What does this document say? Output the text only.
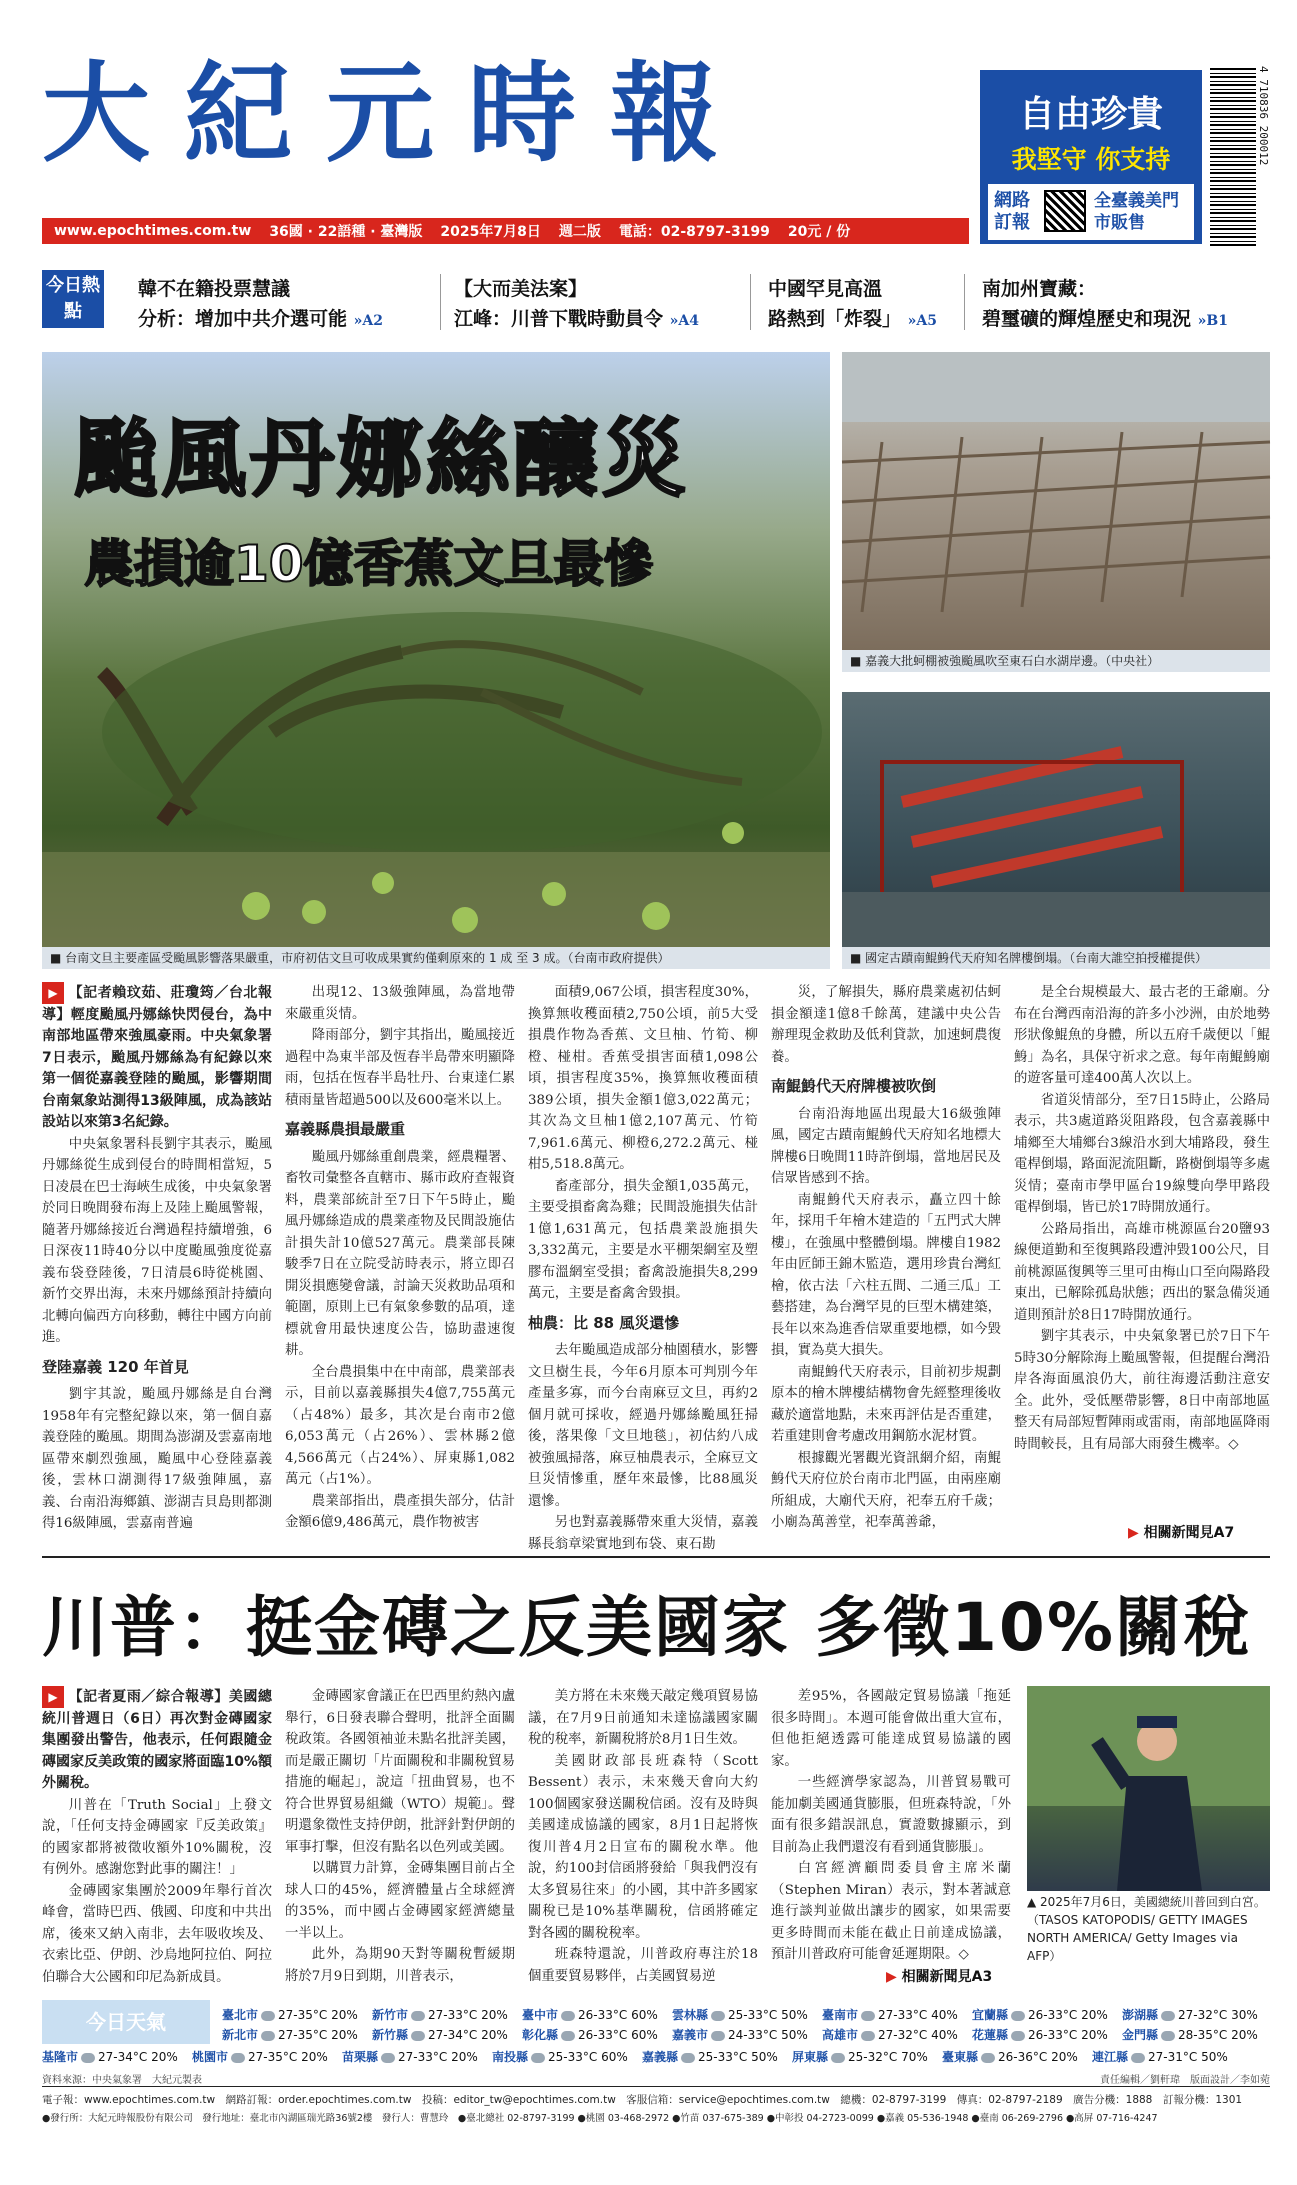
大紀元時報
www.epochtimes.com.tw 36國 · 22語種 · 臺灣版 2025年7月8日 週二版 電話：02-8797-3199 20元 / 份
自由珍貴
我堅守 你支持
網路訂報
全臺義美門市販售
4 710836 200012
今日熱點
韓不在籍投票慧議
分析：增加中共介選可能 »A2
【大而美法案】
江峰：川普下戰時動員令 »A4
中國罕見高溫
路熱到「炸裂」 »A5
南加州寶藏：
碧璽礦的輝煌歷史和現況 »B1
颱風丹娜絲釀災
農損逾10億香蕉文旦最慘
■ 台南文旦主要產區受颱風影響落果嚴重，市府初估文旦可收成果實約僅剩原來的 1 成 至 3 成。（台南市政府提供）
■ 嘉義大批蚵棚被強颱風吹至東石白水湖岸邊。（中央社）
■ 國定古蹟南鯤鯓代天府知名牌樓倒塌。（台南大誰空拍授權提供）

▶ 【記者賴玟茹、莊瓊筠／台北報導】輕度颱風丹娜絲快閃侵台，為中南部地區帶來強風豪雨。中央氣象署7日表示，颱風丹娜絲為有紀錄以來第一個從嘉義登陸的颱風，影響期間台南氣象站測得13級陣風，成為該站設站以來第3名紀錄。

中央氣象署科長劉宇其表示，颱風丹娜絲從生成到侵台的時間相當短，5日凌晨在巴士海峽生成後，中央氣象署於同日晚間發布海上及陸上颱風警報，隨著丹娜絲接近台灣過程持續增強，6日深夜11時40分以中度颱風強度從嘉義布袋登陸後，7日清晨6時從桃園、新竹交界出海，未來丹娜絲預計持續向北轉向偏西方向移動，轉往中國方向前進。

登陸嘉義 120 年首見

劉宇其說，颱風丹娜絲是自台灣1958年有完整紀錄以來，第一個自嘉義登陸的颱風。期間為澎湖及雲嘉南地區帶來劇烈強風，颱風中心登陸嘉義後，雲林口湖測得17級強陣風，嘉義、台南沿海鄉鎮、澎湖吉貝島則都測得16級陣風，雲嘉南普遍

出現12、13級強陣風，為當地帶來嚴重災情。

降雨部分，劉宇其指出，颱風接近過程中為東半部及恆春半島帶來明顯降雨，包括在恆春半島牡丹、台東達仁累積雨量皆超過500以及600毫米以上。

嘉義縣農損最嚴重

颱風丹娜絲重創農業，經農糧署、畜牧司彙整各直轄市、縣市政府查報資料，農業部統計至7日下午5時止，颱風丹娜絲造成的農業產物及民間設施估計損失計10億527萬元。農業部長陳駿季7日在立院受訪時表示，將立即召開災損應變會議，討論天災救助品項和範圍，原則上已有氣象參數的品項，達標就會用最快速度公告，協助盡速復耕。

全台農損集中在中南部，農業部表示，目前以嘉義縣損失4億7,755萬元（占48%）最多，其次是台南市2億6,053萬元（占26%）、雲林縣2億4,566萬元（占24%）、屏東縣1,082萬元（占1%）。

農業部指出，農產損失部分，估計金額6億9,486萬元，農作物被害

面積9,067公頃，損害程度30%，換算無收穫面積2,750公頃，前5大受損農作物為香蕉、文旦柚、竹筍、柳橙、椪柑。香蕉受損害面積1,098公頃，損害程度35%，換算無收穫面積389公頃，損失金額1億3,022萬元；其次為文旦柚1億2,107萬元、竹筍7,961.6萬元、柳橙6,272.2萬元、椪柑5,518.8萬元。

畜產部分，損失金額1,035萬元，主要受損畜禽為雞；民間設施損失估計1億1,631萬元，包括農業設施損失3,332萬元，主要是水平棚架網室及塑膠布溫網室受損；畜禽設施損失8,299萬元，主要是畜禽舍毀損。

柚農：比 88 風災還慘

去年颱風造成部分柚園積水，影響文旦樹生長，今年6月原本可判別今年產量多寡，而今台南麻豆文旦，再約2個月就可採收，經過丹娜絲颱風狂掃後，落果像「文旦地毯」，初估約八成被強風掃落，麻豆柚農表示，全麻豆文旦災情慘重，歷年來最慘，比88風災還慘。

另也對嘉義縣帶來重大災情，嘉義縣長翁章梁實地到布袋、東石勘

災，了解損失，縣府農業處初估蚵損金額達1億8千餘萬，建議中央公告辦理現金救助及低利貸款，加速蚵農復養。

南鯤鯓代天府牌樓被吹倒

台南沿海地區出現最大16級強陣風，國定古蹟南鯤鯓代天府知名地標大牌樓6日晚間11時許倒塌，當地居民及信眾皆感到不捨。

南鯤鯓代天府表示，矗立四十餘年，採用千年檜木建造的「五門式大牌樓」，在強風中整體倒塌。牌樓自1982年由匠師王錦木監造，選用珍貴台灣紅檜，依古法「六柱五間、二通三瓜」工藝搭建，為台灣罕見的巨型木構建築，長年以來為進香信眾重要地標，如今毀損，實為莫大損失。

南鯤鯓代天府表示，目前初步規劃原本的檜木牌樓結構物會先經整理後收藏於適當地點，未來再評估是否重建，若重建則會考慮改用鋼筋水泥材質。

根據觀光署觀光資訊網介紹，南鯤鯓代天府位於台南市北門區，由兩座廟所組成，大廟代天府，祀奉五府千歲；小廟為萬善堂，祀奉萬善爺，

是全台規模最大、最古老的王爺廟。分布在台灣西南沿海的許多小沙洲，由於地勢形狀像鯤魚的身體，所以五府千歲便以「鯤鯓」為名，具保守祈求之意。每年南鯤鯓廟的遊客量可達400萬人次以上。

省道災情部分，至7日15時止，公路局表示，共3處道路災阻路段，包含嘉義縣中埔鄉至大埔鄉台3線沿水到大埔路段，發生電桿倒塌，路面泥流阻斷，路樹倒塌等多處災情；臺南市學甲區台19線雙向學甲路段電桿倒塌，皆已於17時開放通行。

公路局指出，高雄市桃源區台20鹽93線便道勤和至復興路段遭沖毀100公尺，目前桃源區復興等三里可由梅山口至向陽路段東出，已解除孤島狀態；西出的緊急備災通道則預計於8日17時開放通行。

劉宇其表示，中央氣象署已於7日下午5時30分解除海上颱風警報，但提醒台灣沿岸各海面風浪仍大，前往海邊活動注意安全。此外，受低壓帶影響，8日中南部地區整天有局部短暫陣雨或雷雨，南部地區降雨時間較長，且有局部大雨發生機率。◇

▶ 相關新聞見A7
川普：挺金磚之反美國家 多徵10%關稅

▶ 【記者夏雨／綜合報導】美國總統川普週日（6日）再次對金磚國家集團發出警告，他表示，任何跟隨金磚國家反美政策的國家將面臨10%額外關稅。

川普在「Truth Social」上發文說，「任何支持金磚國家『反美政策』的國家都將被徵收額外10%關稅，沒有例外。感謝您對此事的關注！」

金磚國家集團於2009年舉行首次峰會，當時巴西、俄國、印度和中共出席，後來又納入南非，去年吸收埃及、衣索比亞、伊朗、沙烏地阿拉伯、阿拉伯聯合大公國和印尼為新成員。

金磚國家會議正在巴西里約熱內盧舉行，6日發表聯合聲明，批評全面關稅政策。各國領袖並未點名批評美國，而是嚴正關切「片面關稅和非關稅貿易措施的崛起」，說這「扭曲貿易，也不符合世界貿易組織（WTO）規範」。聲明還象徵性支持伊朗，批評針對伊朗的軍事打擊，但沒有點名以色列或美國。

以購買力計算，金磚集團目前占全球人口的45%，經濟體量占全球經濟的35%，而中國占金磚國家經濟總量一半以上。

此外，為期90天對等關稅暫緩期將於7月9日到期，川普表示，

美方將在未來幾天敲定幾項貿易協議，在7月9日前通知未達協議國家關稅的稅率，新關稅將於8月1日生效。

美國財政部長班森特（Scott Bessent）表示，未來幾天會向大約100個國家發送關稅信函。沒有及時與美國達成協議的國家，8月1日起將恢復川普4月2日宣布的關稅水準。他說，約100封信函將發給「與我們沒有太多貿易往來」的小國，其中許多國家關稅已是10%基準關稅，信函將確定對各國的關稅稅率。

班森特還說，川普政府專注於18個重要貿易夥伴，占美國貿易逆

差95%，各國敲定貿易協議「拖延很多時間」。本週可能會做出重大宣布，但他拒絕透露可能達成貿易協議的國家。

一些經濟學家認為，川普貿易戰可能加劇美國通貨膨脹，但班森特說，「外面有很多錯誤訊息，實證數據顯示，到目前為止我們還沒有看到通貨膨脹」。

白宮經濟顧問委員會主席米蘭（Stephen Miran）表示，對本著誠意進行談判並做出讓步的國家，如果需要更多時間而未能在截止日前達成協議，預計川普政府可能會延遲期限。◇

▶ 相關新聞見A3
▲ 2025年7月6日，美國總統川普回到白宮。（TASOS KATOPODIS/ GETTY IMAGES NORTH AMERICA/ Getty Images via AFP）
今日天氣	臺北市 27-35°C 20% 新竹市 27-33°C 20% 臺中市 26-33°C 60% 雲林縣 25-33°C 50% 臺南市 27-33°C 40% 宜蘭縣 26-33°C 20% 澎湖縣 27-32°C 30%
新北市 27-35°C 20% 新竹縣 27-34°C 20% 彰化縣 26-33°C 60% 嘉義市 24-33°C 50% 高雄市 27-32°C 40% 花蓮縣 26-33°C 20% 金門縣 28-35°C 20%
基隆市 27-34°C 20% 桃園市 27-35°C 20% 苗栗縣 27-33°C 20% 南投縣 25-33°C 60% 嘉義縣 25-33°C 50% 屏東縣 25-32°C 70% 臺東縣 26-36°C 20% 連江縣 27-31°C 50%
資料來源：中央氣象署　大紀元製表	責任編輯／劉軒瑋　版面設計／李如菀
電子報：www.epochtimes.com.tw　網路訂報：order.epochtimes.com.tw　投稿：editor_tw@epochtimes.com.tw　客服信箱：service@epochtimes.com.tw　總機：02-8797-3199　傳真：02-8797-2189　廣告分機：1888　訂報分機：1301
●發行所：大紀元時報股份有限公司　發行地址：臺北市內湖區瑞光路36號2樓　發行人：曹慧玲　●臺北總社 02-8797-3199 ●桃園 03-468-2972 ●竹苗 037-675-389 ●中彰投 04-2723-0099 ●嘉義 05-536-1948 ●臺南 06-269-2796 ●高屏 07-716-4247
